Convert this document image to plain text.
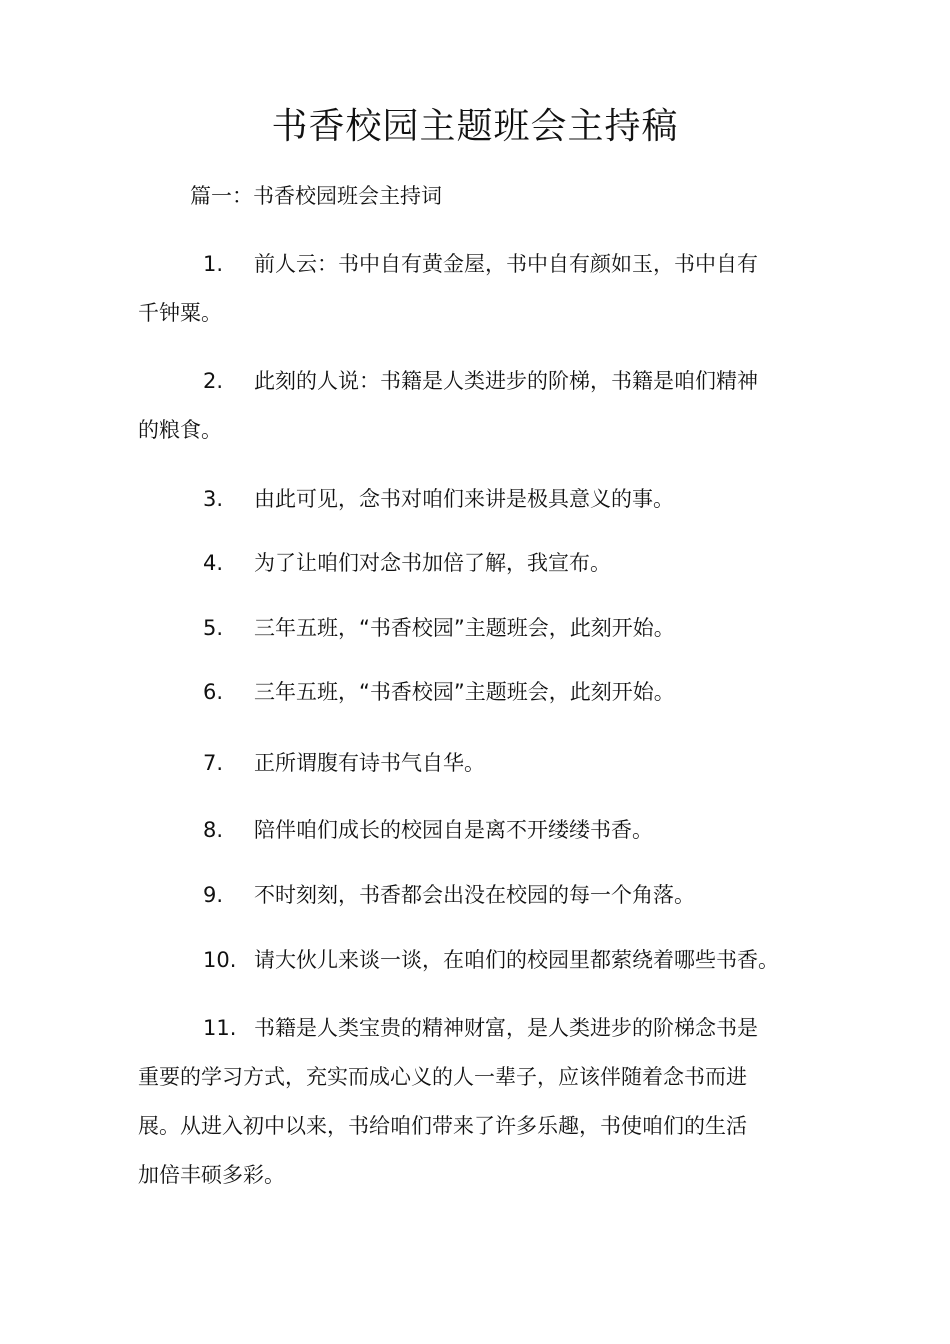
书香校园主题班会主持稿

篇一：书香校园班会主持词

1. 前人云：书中自有黄金屋，书中自有颜如玉，书中自有
千钟粟。
2. 此刻的人说：书籍是人类进步的阶梯，书籍是咱们精神
的粮食。
3. 由此可见，念书对咱们来讲是极具意义的事。
4. 为了让咱们对念书加倍了解，我宣布。
5. 三年五班，“书香校园”主题班会，此刻开始。
6. 三年五班，“书香校园”主题班会，此刻开始。
7. 正所谓腹有诗书气自华。
8. 陪伴咱们成长的校园自是离不开缕缕书香。
9. 不时刻刻，书香都会出没在校园的每一个角落。
10. 请大伙儿来谈一谈，在咱们的校园里都萦绕着哪些书香。
11. 书籍是人类宝贵的精神财富，是人类进步的阶梯念书是
重要的学习方式，充实而成心义的人一辈子，应该伴随着念书而进
展。从进入初中以来，书给咱们带来了许多乐趣，书使咱们的生活
加倍丰硕多彩。
